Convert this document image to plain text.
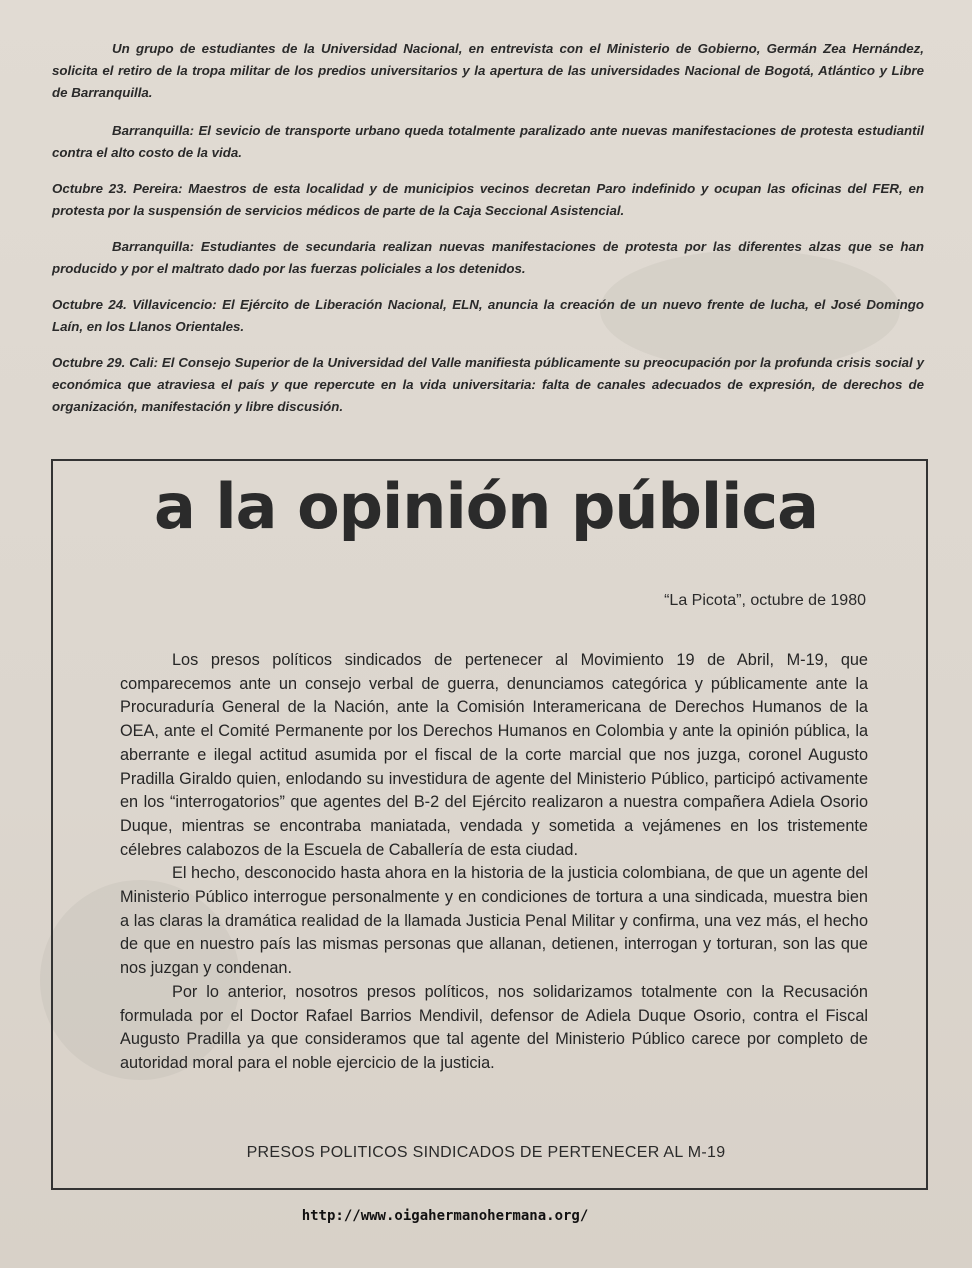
Un grupo de estudiantes de la Universidad Nacional, en entrevista con el Ministerio de Gobierno, Germán Zea Hernández, solicita el retiro de la tropa militar de los predios universitarios y la apertura de las universidades Nacional de Bogotá, Atlántico y Libre de Barranquilla.

Barranquilla: El sevicio de transporte urbano queda totalmente paralizado ante nuevas manifestaciones de protesta estudiantil contra el alto costo de la vida.

Octubre 23. Pereira: Maestros de esta localidad y de municipios vecinos decretan Paro indefinido y ocupan las oficinas del FER, en protesta por la suspensión de servicios médicos de parte de la Caja Seccional Asistencial.

Barranquilla: Estudiantes de secundaria realizan nuevas manifestaciones de protesta por las diferentes alzas que se han producido y por el maltrato dado por las fuerzas policiales a los detenidos.

Octubre 24. Villavicencio: El Ejército de Liberación Nacional, ELN, anuncia la creación de un nuevo frente de lucha, el José Domingo Laín, en los Llanos Orientales.

Octubre 29. Cali: El Consejo Superior de la Universidad del Valle manifiesta públicamente su preocupación por la profunda crisis social y económica que atraviesa el país y que repercute en la vida universitaria: falta de canales adecuados de expresión, de derechos de organización, manifestación y libre discusión.

a la opinión pública
“La Picota”, octubre de 1980

Los presos políticos sindicados de pertenecer al Movimiento 19 de Abril, M-19, que comparecemos ante un consejo verbal de guerra, denunciamos categórica y públicamente ante la Procuraduría General de la Nación, ante la Comisión Interamericana de Derechos Humanos de la OEA, ante el Comité Permanente por los Derechos Humanos en Colombia y ante la opinión pública, la aberrante e ilegal actitud asumida por el fiscal de la corte marcial que nos juzga, coronel Augusto Pradilla Giraldo quien, enlodando su investidura de agente del Ministerio Público, participó activamente en los “interrogatorios” que agentes del B-2 del Ejército realizaron a nuestra compañera Adiela Osorio Duque, mientras se encontraba maniatada, vendada y sometida a vejámenes en los tristemente célebres calabozos de la Escuela de Caballería de esta ciudad.

El hecho, desconocido hasta ahora en la historia de la justicia colombiana, de que un agente del Ministerio Público interrogue personalmente y en condiciones de tortura a una sindicada, muestra bien a las claras la dramática realidad de la llamada Justicia Penal Militar y confirma, una vez más, el hecho de que en nuestro país las mismas personas que allanan, detienen, interrogan y torturan, son las que nos juzgan y condenan.

Por lo anterior, nosotros presos políticos, nos solidarizamos totalmente con la Recusación formulada por el Doctor Rafael Barrios Mendivil, defensor de Adiela Duque Osorio, contra el Fiscal Augusto Pradilla ya que consideramos que tal agente del Ministerio Público carece por completo de autoridad moral para el noble ejercicio de la justicia.

PRESOS POLITICOS SINDICADOS DE PERTENECER AL M-19
http://www.oigahermanohermana.org/
